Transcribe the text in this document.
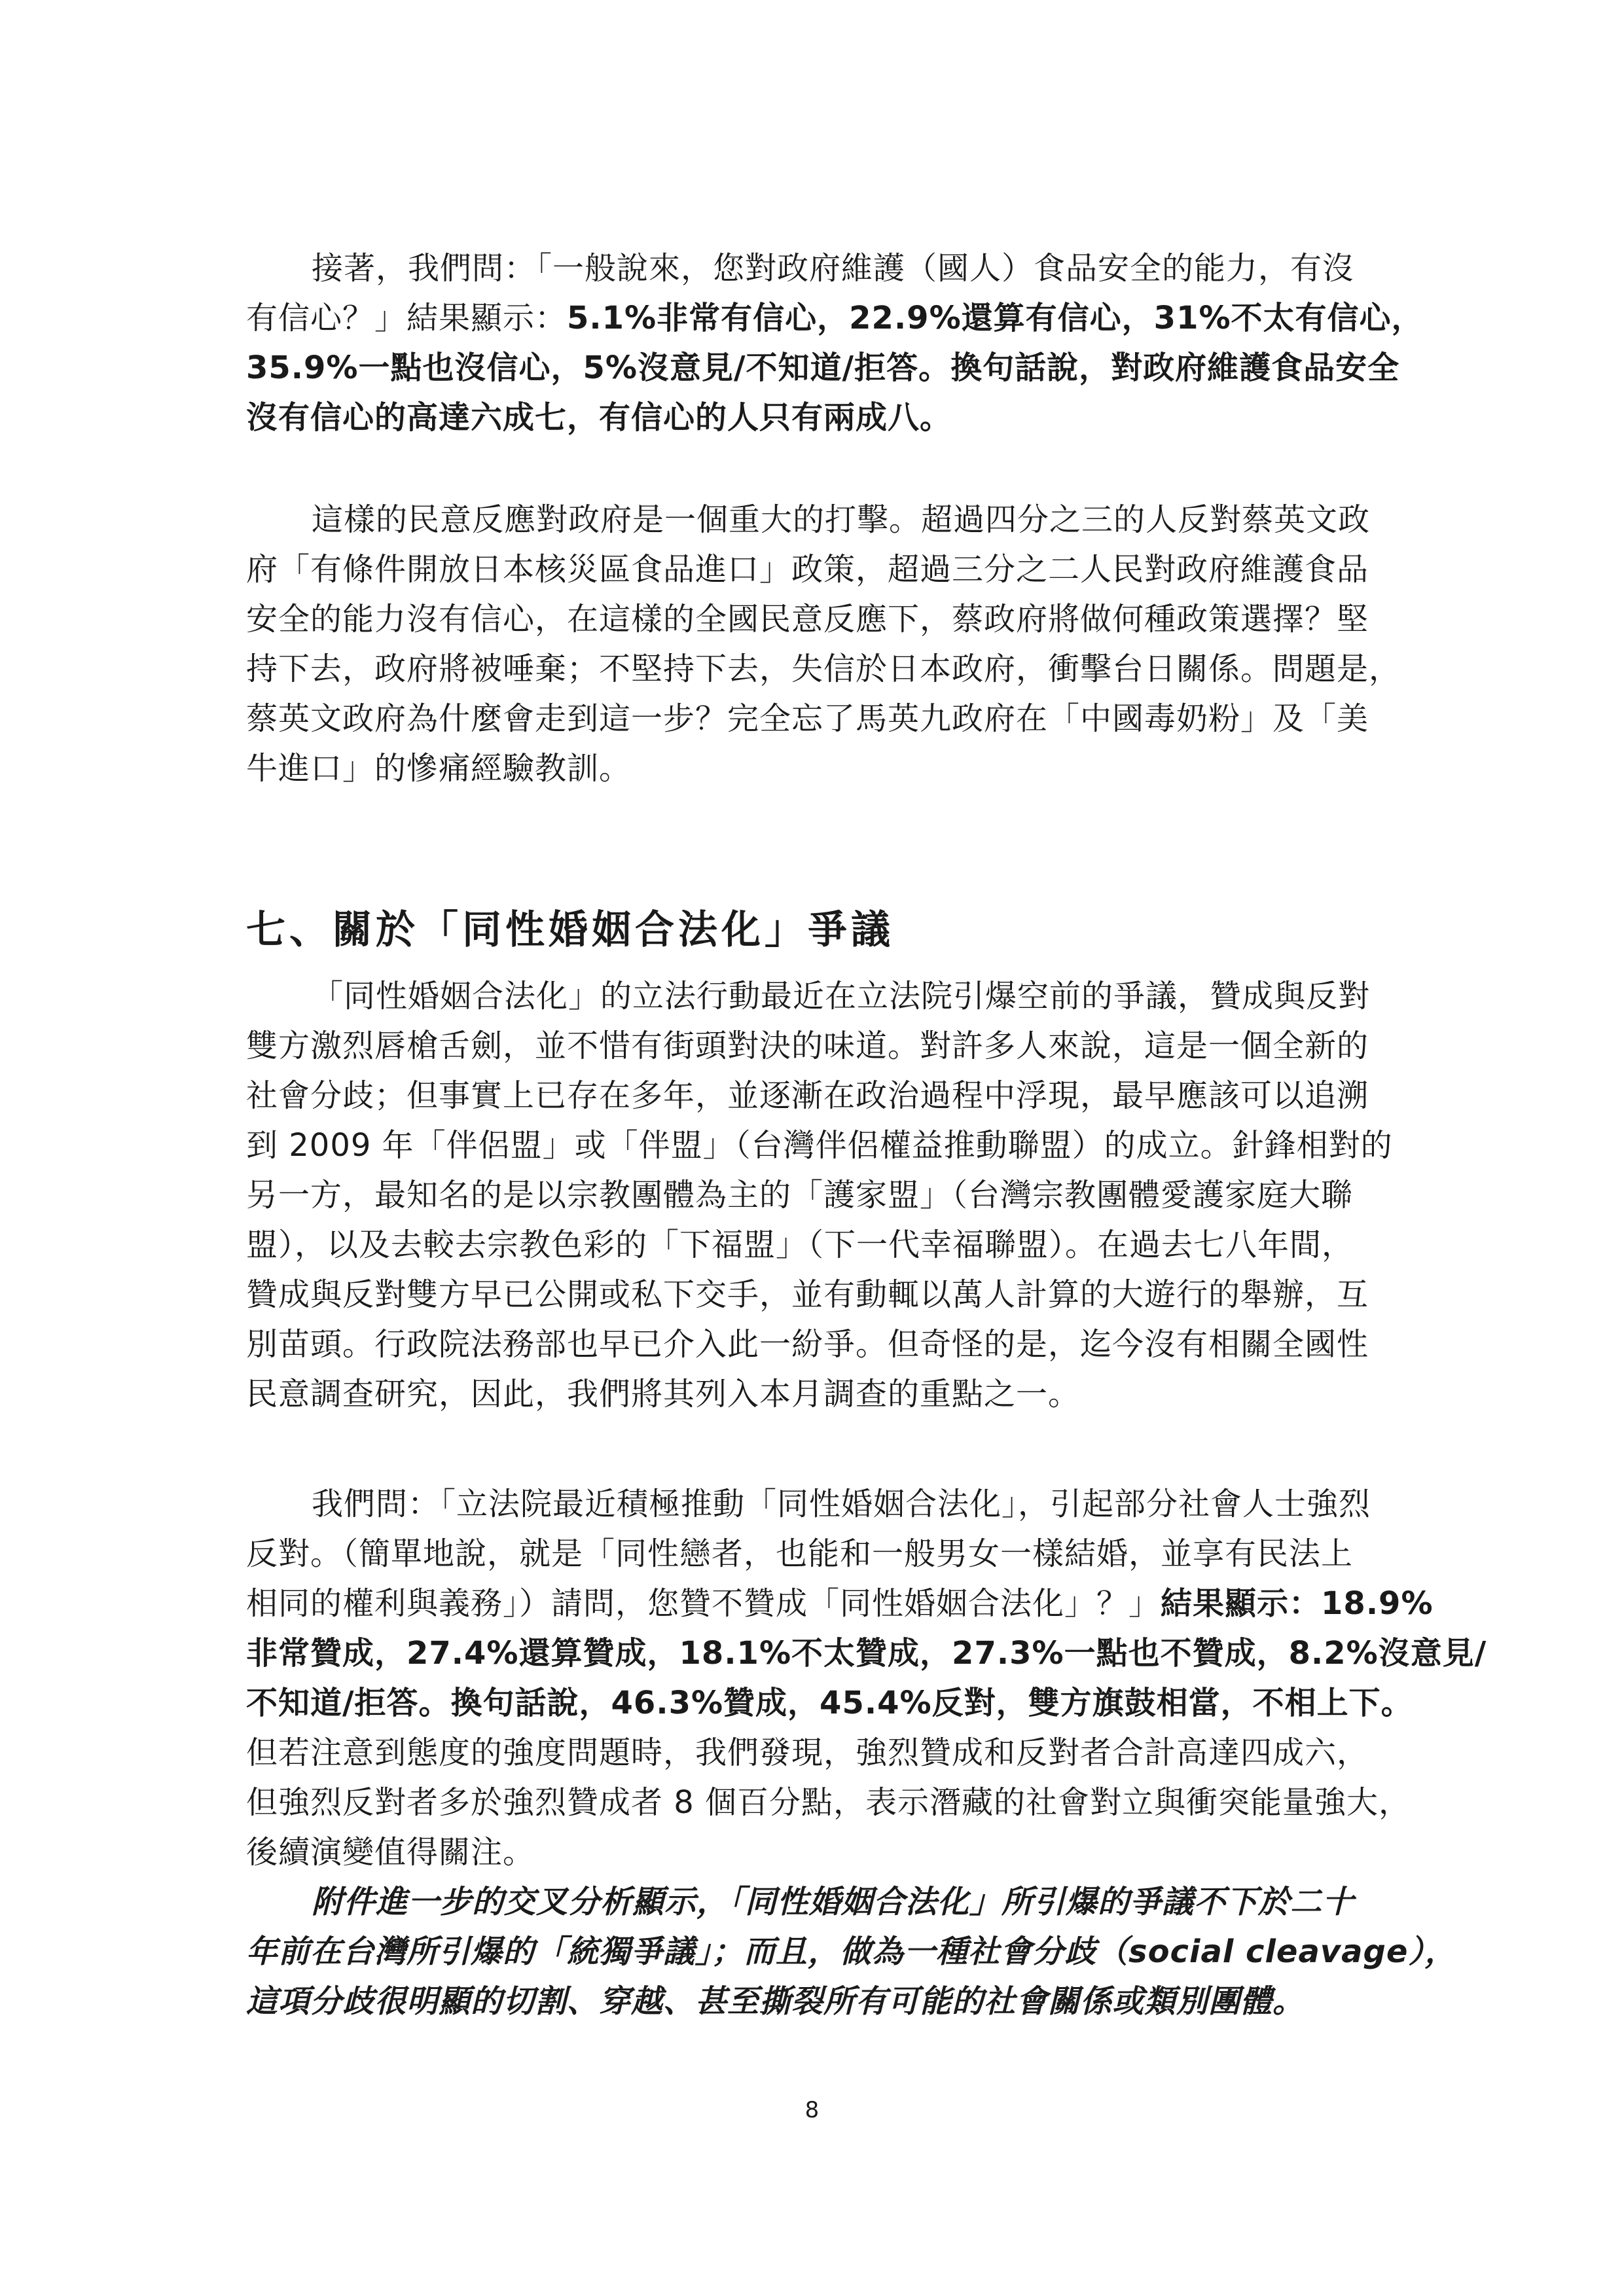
接著，我們問：「一般說來，您對政府維護（國人）食品安全的能力，有沒
有信心？」結果顯示：5.1%非常有信心，22.9%還算有信心，31%不太有信心，
35.9%一點也沒信心，5%沒意見/不知道/拒答。換句話說，對政府維護食品安全
沒有信心的高達六成七，有信心的人只有兩成八。
這樣的民意反應對政府是一個重大的打擊。超過四分之三的人反對蔡英文政
府「有條件開放日本核災區食品進口」政策，超過三分之二人民對政府維護食品
安全的能力沒有信心，在這樣的全國民意反應下，蔡政府將做何種政策選擇？堅
持下去，政府將被唾棄；不堅持下去，失信於日本政府，衝擊台日關係。問題是，
蔡英文政府為什麼會走到這一步？完全忘了馬英九政府在「中國毒奶粉」及「美
牛進口」的慘痛經驗教訓。
七、關於「同性婚姻合法化」爭議
「同性婚姻合法化」的立法行動最近在立法院引爆空前的爭議，贊成與反對
雙方激烈唇槍舌劍，並不惜有街頭對決的味道。對許多人來說，這是一個全新的
社會分歧；但事實上已存在多年，並逐漸在政治過程中浮現，最早應該可以追溯
到 2009 年「伴侶盟」或「伴盟」（台灣伴侶權益推動聯盟）的成立。針鋒相對的
另一方，最知名的是以宗教團體為主的「護家盟」（台灣宗教團體愛護家庭大聯
盟），以及去較去宗教色彩的「下福盟」（下一代幸福聯盟）。在過去七八年間，
贊成與反對雙方早已公開或私下交手，並有動輒以萬人計算的大遊行的舉辦，互
別苗頭。行政院法務部也早已介入此一紛爭。但奇怪的是，迄今沒有相關全國性
民意調查研究，因此，我們將其列入本月調查的重點之一。
我們問：「立法院最近積極推動「同性婚姻合法化」，引起部分社會人士強烈
反對。（簡單地說，就是「同性戀者，也能和一般男女一樣結婚，並享有民法上
相同的權利與義務」）請問，您贊不贊成「同性婚姻合法化」？」結果顯示：18.9%
非常贊成，27.4%還算贊成，18.1%不太贊成，27.3%一點也不贊成，8.2%沒意見/
不知道/拒答。換句話說，46.3%贊成，45.4%反對，雙方旗鼓相當，不相上下。
但若注意到態度的強度問題時，我們發現，強烈贊成和反對者合計高達四成六，
但強烈反對者多於強烈贊成者 8 個百分點，表示潛藏的社會對立與衝突能量強大，
後續演變值得關注。
附件進一步的交叉分析顯示，「同性婚姻合法化」所引爆的爭議不下於二十
年前在台灣所引爆的「統獨爭議」；而且，做為一種社會分歧（social cleavage），
這項分歧很明顯的切割、穿越、甚至撕裂所有可能的社會關係或類別團體。
8
